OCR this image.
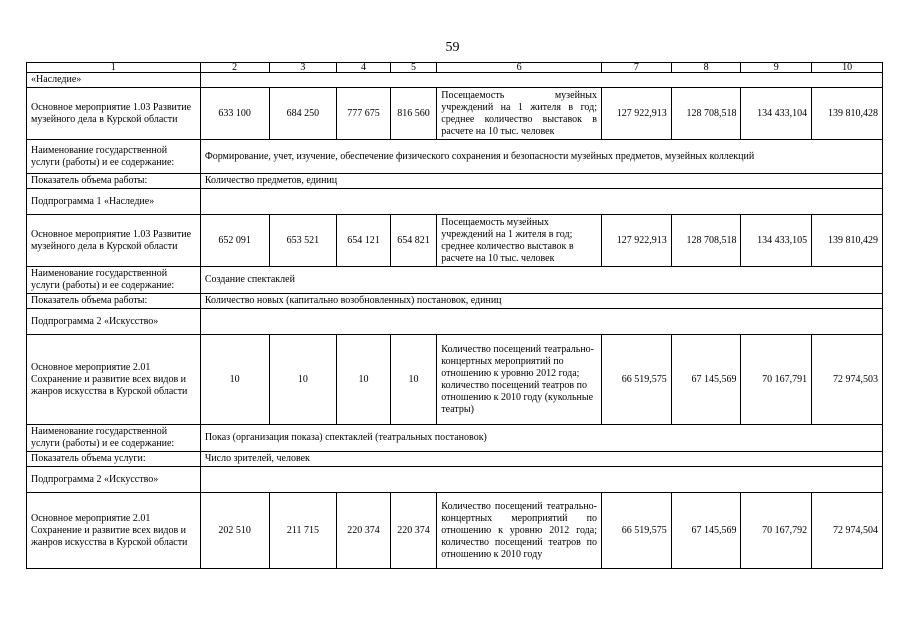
59
1	2	3	4	5	6	7	8	9	10
«Наследие»									
Основное мероприятие 1.03 Развитие музейного дела в Курской области	633 100	684 250	777 675	816 560	Посещаемость музейных учреждений на 1 жителя в год; среднее количество выставок в расчете на 10 тыс. человек	127 922,913	128 708,518	134 433,104	139 810,428
Наименование государственной услуги (работы) и ее содержание:	Формирование, учет, изучение, обеспечение физического сохранения и безопасности музейных предметов, музейных коллекций								
Показатель объема работы:	Количество предметов, единиц								
Подпрограмма 1 «Наследие»									
Основное мероприятие 1.03 Развитие музейного дела в Курской области	652 091	653 521	654 121	654 821	Посещаемость музейных учреждений на 1 жителя в год; среднее количество выставок в расчете на 10 тыс. человек	127 922,913	128 708,518	134 433,105	139 810,429
Наименование государственной услуги (работы) и ее содержание:	Создание спектаклей								
Показатель объема работы:	Количество новых (капитально возобновленных) постановок, единиц								
Подпрограмма 2 «Искусство»									
Основное мероприятие 2.01 Сохранение и развитие всех видов и жанров искусства в Курской области	10	10	10	10	Количество посещений театрально-концертных мероприятий по отношению к уровню 2012 года; количество посещений театров по отношению к 2010 году (кукольные театры)	66 519,575	67 145,569	70 167,791	72 974,503
Наименование государственной услуги (работы) и ее содержание:	Показ (организация показа) спектаклей (театральных постановок)								
Показатель объема услуги:	Число зрителей, человек								
Подпрограмма 2 «Искусство»									
Основное мероприятие 2.01 Сохранение и развитие всех видов и жанров искусства в Курской области	202 510	211 715	220 374	220 374	Количество посещений театрально-концертных мероприятий по отношению к уровню 2012 года; количество посещений театров по отношению к 2010 году	66 519,575	67 145,569	70 167,792	72 974,504
